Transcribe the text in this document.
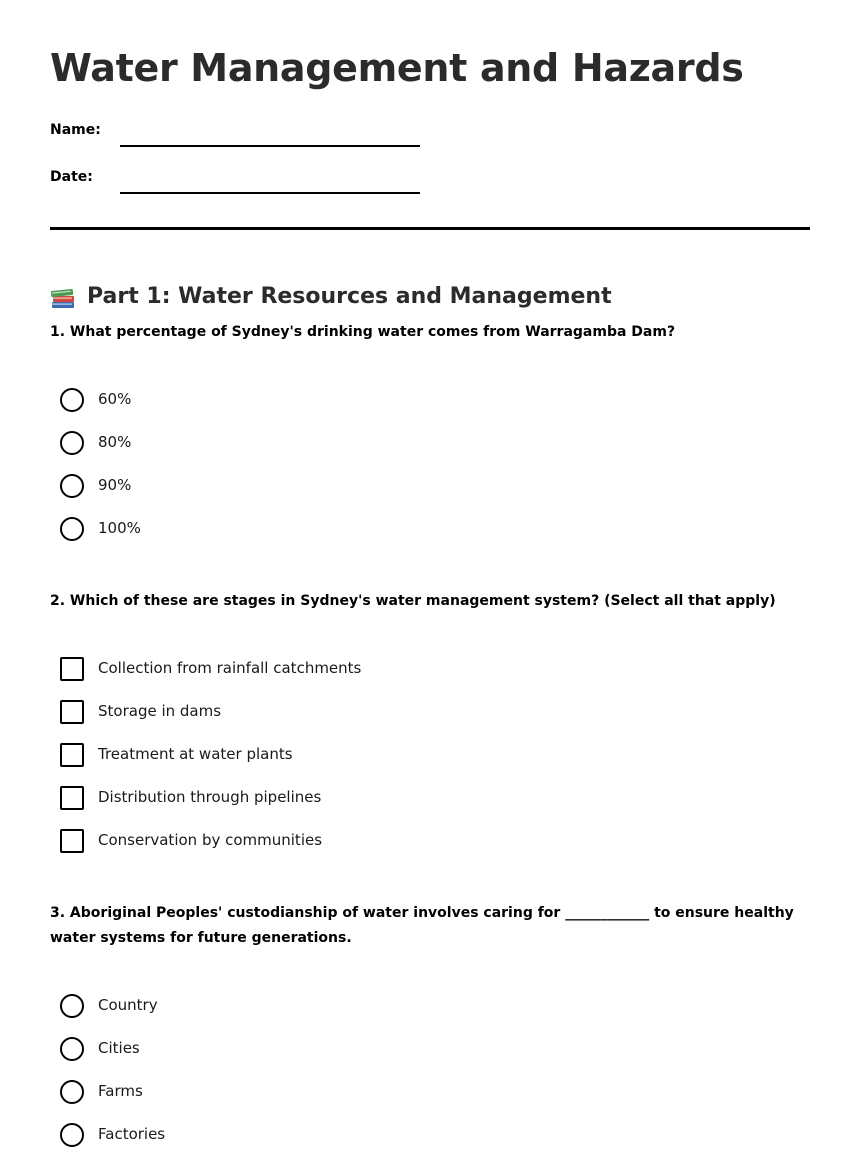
Water Management and Hazards
Name:
Date:
Part 1: Water Resources and Management
1. What percentage of Sydney's drinking water comes from Warragamba Dam?
60%
80%
90%
100%
2. Which of these are stages in Sydney's water management system? (Select all that apply)
Collection from rainfall catchments
Storage in dams
Treatment at water plants
Distribution through pipelines
Conservation by communities
3. Aboriginal Peoples' custodianship of water involves caring for ____________ to ensure healthy water systems for future generations.
Country
Cities
Farms
Factories
